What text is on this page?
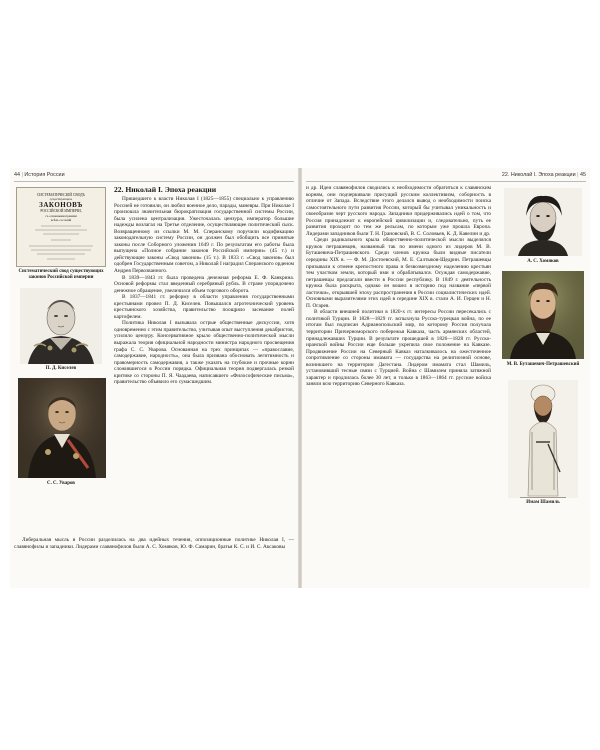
44 | История России
СИСТЕМАТИЧЕСКІЙ СВОДЪ
существующихъ
ЗАКОНОВЪ
РОССІЙСКОЙ ИМПЕРІИ,
съ основными правами
всѣхъ сословій

Систематический свод существующих законов Российской империи

П. Д. Киселев

С. С. Уваров

22. Николай I. Эпоха реакции

Пришедшего к власти Николая I (1825—1855) специально к управлению Россией не готовили, он любил военное дело, парады, маневры. При Николае I произошла значительная бюрократизация государственной системы России, была усилена централизация. Ужесточалась цензура, император большие надежды возлагал на Третье отделение, осуществляющее политический сыск. Возвращенному из ссылки М. М. Сперанскому поручили кодификацию законодательную систему России, он должен был обобщить все принятые законы после Соборного уложения 1649 г. По результатам его работы была выпущена «Полное собрание законов Российской империи» (45 т.) и действующие законы «Свод законов» (15 т.). В 1833 г. «Свод законов» был одобрен Государственным советом, а Николай I наградил Сперанского орденом Андрея Первозванного.

В 1839—1843 гг. была проведена денежная реформа Е. Ф. Канкрина. Основой реформы стал введенный серебряный рубль. В стране упорядочено денежное обращение, увеличился объем торгового оборота.

В 1837—1841 гг. реформу в области управления государственными крестьянами провел П. Д. Киселев. Повышался агротехнический уровень крестьянского хозяйства, правительство поощряло засевание полей картофелем.

Политика Николая I вызывала острые общественные дискуссии, хотя одновременно с этим правительство, учитывая опыт выступления декабристов, усилило цензуру. Консервативное крыло общественно-политической мысли выражала теория официальной народности министра народного просвещения графа С. С. Уварова. Основанная на трех принципах — «православие, самодержавие, народность», она была призвана обосновать легитимность и правомерность самодержавия, а также указать на глубокие и прочные корни сложившегося в России порядка. Официальная теория подвергалась резкой критике со стороны П. Я. Чаадаева, написавшего «Философические письма», правительство объявило его сумасшедшим.

Либеральная мысль в России разделилась на два идейных течения, оппозиционные политике Николая I, — славянофилы и западники. Лидерами славянофилов были А. С. Хомяков, Ю. Ф. Самарин, братья К. С. и И. С. Аксаковы

22. Николай I. Эпоха реакции | 45

и др. Идеи славянофилов сводились к необходимости обратиться к славянским корням, они подчеркивали присущий русским коллективизм, соборность в отличие от Запада. Вследствие этого делался вывод о необходимости поиска самостоятельного пути развития России, который бы учитывал уникальность и своеобразие черт русского народа. Западники придерживались идей о том, что Россия принадлежит к европейской цивилизации и, следовательно, путь ее развития проходит по тем же рельсам, по которым уже прошла Европа. Лидерами западников были Т. Н. Грановский, В. С. Соловьев, К. Д. Кавелин и др.

Среди радикального крыла общественно-политической мысли выделялся кружок петрашевцев, названный так по имени одного из лидеров М. В. Буташевича-Петрашевского. Среди членов кружка были видные писатели середины XIX в. — Ф. М. Достоевский, М. Е. Салтыков-Щедрин. Петрашевцы призывали к отмене крепостного права и безвозмездному наделению крестьян тем участком земли, который ими и обрабатывался. Осуждая самодержавие, петрашевцы предлагали ввести в России республику. В 1849 г. деятельность кружка была раскрыта, однако он вошел в историю под название «первой ласточки», открывшей эпоху распространения в России социалистических идей. Основными выразителями этих идей в середине XIX в. стали А. И. Герцен и Н. П. Огарев.

В области внешней политики в 1820-х гг. интересы России пересекались с политикой Турции. В 1828—1829 гг. вспыхнула Русско-турецкая война, по ее итогам был подписан Адрианопольский мир, по которому Россия получала территории Причерноморского побережья Кавказа, часть армянских областей, принадлежавших Турции. В результате прошедшей в 1826—1828 гг. Русско-иранской войны России еще больше укрепила свое положение на Кавказе. Продвижение России на Северный Кавказ наталкивалось на ожесточенное сопротивление со стороны имамата — государства на религиозной основе, возникшего на территории Дагестана. Лидером имамата стал Шамиль, установивший тесные связи с Турцией. Война с Шамилем приняла затяжной характер и продлилась более 30 лет, и только в 1863—1864 гг. русские войска заняли всю территорию Северного Кавказа.

А. С. Хомяков

М. В. Буташевич-Петрашевский

Имам Шамиль
